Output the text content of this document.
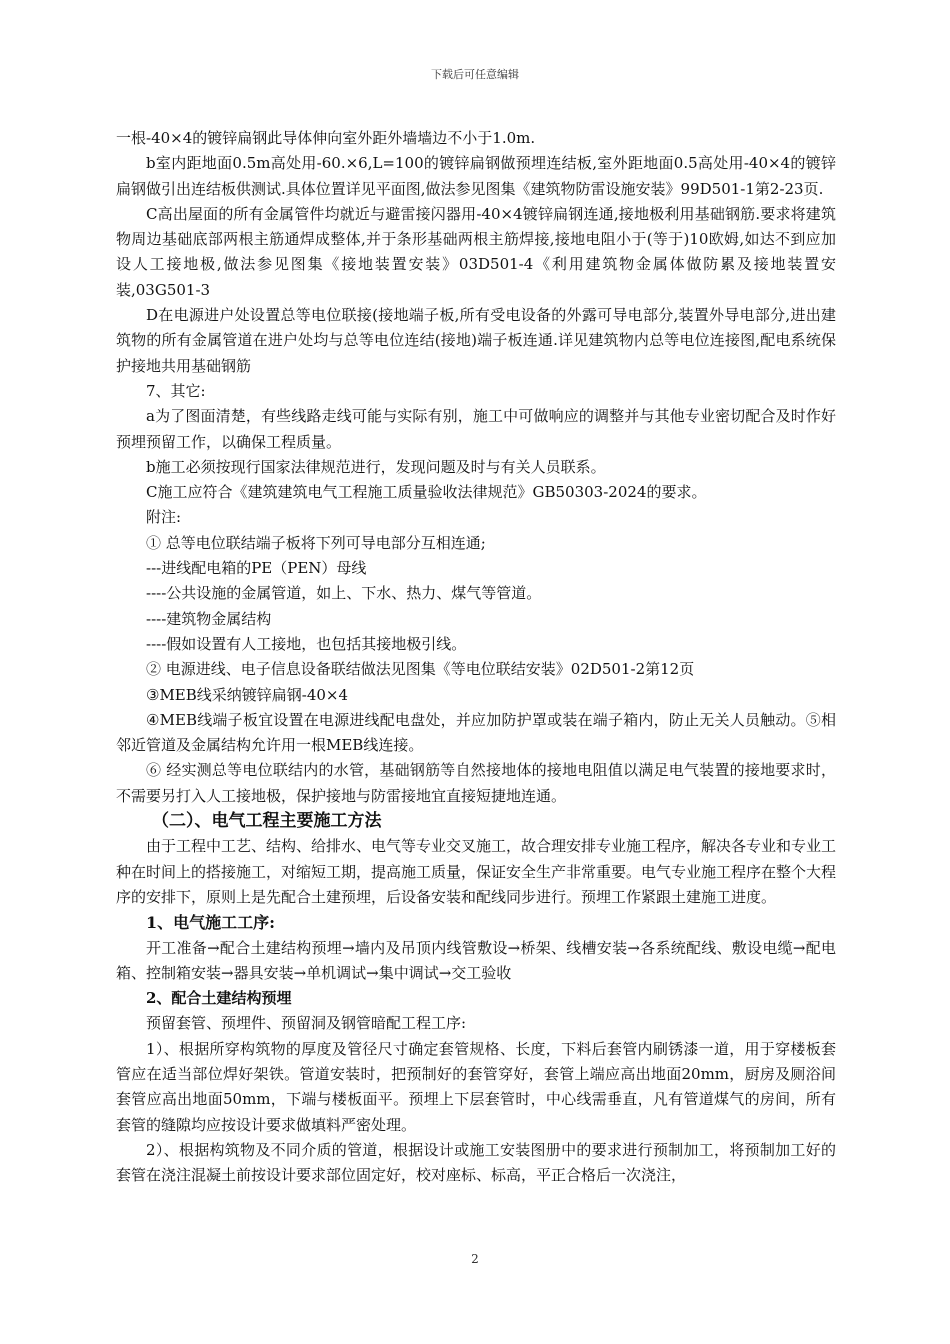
下载后可任意编辑

一根-40×4的镀锌扁钢此导体伸向室外距外墙墙边不小于1.0m.

b室内距地面0.5m高处用-60.×6,L=100的镀锌扁钢做预埋连结板,室外距地面0.5高处用-40×4的镀锌扁钢做引出连结板供测试.具体位置详见平面图,做法参见图集《建筑物防雷设施安装》99D501-1第2-23页.

C高出屋面的所有金属管件均就近与避雷接闪器用-40×4镀锌扁钢连通,接地极利用基础钢筋.要求将建筑物周边基础底部两根主筋通焊成整体,并于条形基础两根主筋焊接,接地电阻小于(等于)10欧姆,如达不到应加设人工接地极,做法参见图集《接地装置安装》03D501-4《利用建筑物金属体做防累及接地装置安装,03G501-3

D在电源进户处设置总等电位联接(接地端子板,所有受电设备的外露可导电部分,装置外导电部分,进出建筑物的所有金属管道在进户处均与总等电位连结(接地)端子板连通.详见建筑物内总等电位连接图,配电系统保护接地共用基础钢筋

7、其它:

a为了图面清楚，有些线路走线可能与实际有别，施工中可做响应的调整并与其他专业密切配合及时作好预埋预留工作，以确保工程质量。

b施工必须按现行国家法律规范进行，发现问题及时与有关人员联系。

C施工应符合《建筑建筑电气工程施工质量验收法律规范》GB50303-2024的要求。

附注:

① 总等电位联结端子板将下列可导电部分互相连通;

---进线配电箱的PE（PEN）母线

----公共设施的金属管道，如上、下水、热力、煤气等管道。

----建筑物金属结构

----假如设置有人工接地，也包括其接地极引线。

② 电源进线、电子信息设备联结做法见图集《等电位联结安装》02D501-2第12页

③MEB线采纳镀锌扁钢-40×4

④MEB线端子板宜设置在电源进线配电盘处，并应加防护罩或装在端子箱内，防止无关人员触动。⑤相邻近管道及金属结构允许用一根MEB线连接。

⑥ 经实测总等电位联结内的水管，基础钢筋等自然接地体的接地电阻值以满足电气装置的接地要求时，不需要另打入人工接地极，保护接地与防雷接地宜直接短捷地连通。

（二）、电气工程主要施工方法

由于工程中工艺、结构、给排水、电气等专业交叉施工，故合理安排专业施工程序，解决各专业和专业工种在时间上的搭接施工，对缩短工期，提高施工质量，保证安全生产非常重要。电气专业施工程序在整个大程序的安排下，原则上是先配合土建预埋，后设备安装和配线同步进行。预埋工作紧跟土建施工进度。

1、电气施工工序:

开工准备→配合土建结构预埋→墙内及吊顶内线管敷设→桥架、线槽安装→各系统配线、敷设电缆→配电箱、控制箱安装→器具安装→单机调试→集中调试→交工验收

2、配合土建结构预埋

预留套管、预埋件、预留洞及钢管暗配工程工序:

1）、根据所穿构筑物的厚度及管径尺寸确定套管规格、长度，下料后套管内刷锈漆一道，用于穿楼板套管应在适当部位焊好架铁。管道安装时，把预制好的套管穿好，套管上端应高出地面20mm，厨房及厕浴间套管应高出地面50mm，下端与楼板面平。预埋上下层套管时，中心线需垂直，凡有管道煤气的房间，所有套管的缝隙均应按设计要求做填料严密处理。

2）、根据构筑物及不同介质的管道，根据设计或施工安装图册中的要求进行预制加工，将预制加工好的套管在浇注混凝土前按设计要求部位固定好，校对座标、标高，平正合格后一次浇注，

2
